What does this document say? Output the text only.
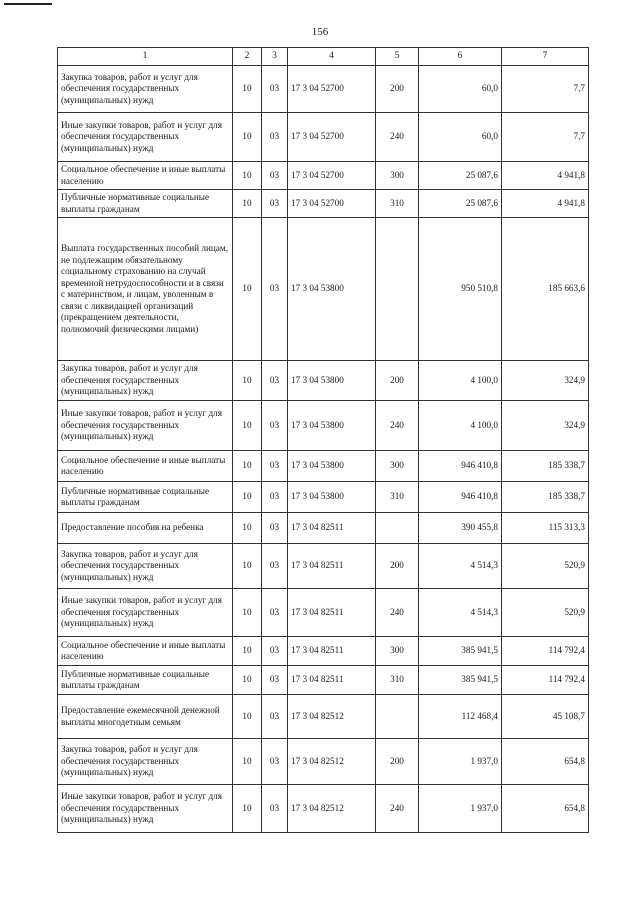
156
1	2	3	4	5	6	7
Закупка товаров, работ и услуг для обеспечения государственных (муниципальных) нужд	10	03	17 3 04 52700	200	60,0	7,7
Иные закупки товаров, работ и услуг для обеспечения государственных (муниципальных) нужд	10	03	17 3 04 52700	240	60,0	7,7
Социальное обеспечение и иные выплаты населению	10	03	17 3 04 52700	300	25 087,6	4 941,8
Публичные нормативные социальные выплаты гражданам	10	03	17 3 04 52700	310	25 087,6	4 941,8
Выплата государственных пособий лицам, не подлежащим обязательному социальному страхованию на случай временной нетрудоспособности и в связи с материнством, и лицам, уволенным в связи с ликвидацией организаций (прекращением деятельности, полномочий физическими лицами)	10	03	17 3 04 53800		950 510,8	185 663,6
Закупка товаров, работ и услуг для обеспечения государственных (муниципальных) нужд	10	03	17 3 04 53800	200	4 100,0	324,9
Иные закупки товаров, работ и услуг для обеспечения государственных (муниципальных) нужд	10	03	17 3 04 53800	240	4 100,0	324,9
Социальное обеспечение и иные выплаты населению	10	03	17 3 04 53800	300	946 410,8	185 338,7
Публичные нормативные социальные выплаты гражданам	10	03	17 3 04 53800	310	946 410,8	185 338,7
Предоставление пособия на ребенка	10	03	17 3 04 82511		390 455,8	115 313,3
Закупка товаров, работ и услуг для обеспечения государственных (муниципальных) нужд	10	03	17 3 04 82511	200	4 514,3	520,9
Иные закупки товаров, работ и услуг для обеспечения государственных (муниципальных) нужд	10	03	17 3 04 82511	240	4 514,3	520,9
Социальное обеспечение и иные выплаты населению	10	03	17 3 04 82511	300	385 941,5	114 792,4
Публичные нормативные социальные выплаты гражданам	10	03	17 3 04 82511	310	385 941,5	114 792,4
Предоставление ежемесячной денежной выплаты многодетным семьям	10	03	17 3 04 82512		112 468,4	45 108,7
Закупка товаров, работ и услуг для обеспечения государственных (муниципальных) нужд	10	03	17 3 04 82512	200	1 937,0	654,8
Иные закупки товаров, работ и услуг для обеспечения государственных (муниципальных) нужд	10	03	17 3 04 82512	240	1 937,0	654,8
